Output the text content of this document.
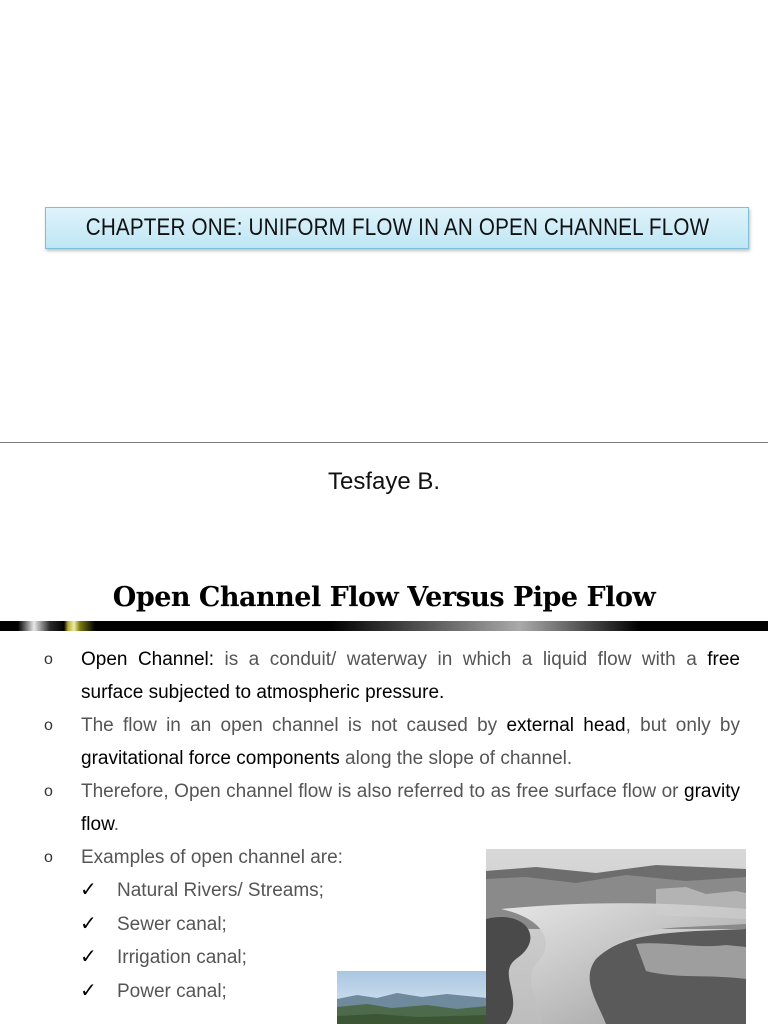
CHAPTER ONE: UNIFORM FLOW IN AN OPEN CHANNEL FLOW
Tesfaye B.
Open Channel Flow Versus Pipe Flow
o Open Channel: is a conduit/ waterway in which a liquid flow with a free surface subjected to atmospheric pressure.
o The flow in an open channel is not caused by external head, but only by gravitational force components along the slope of channel.
o Therefore, Open channel flow is also referred to as free surface flow or gravity flow.
o Examples of open channel are:
✓ Natural Rivers/ Streams;
✓ Sewer canal;
✓ Irrigation canal;
✓ Power canal;
